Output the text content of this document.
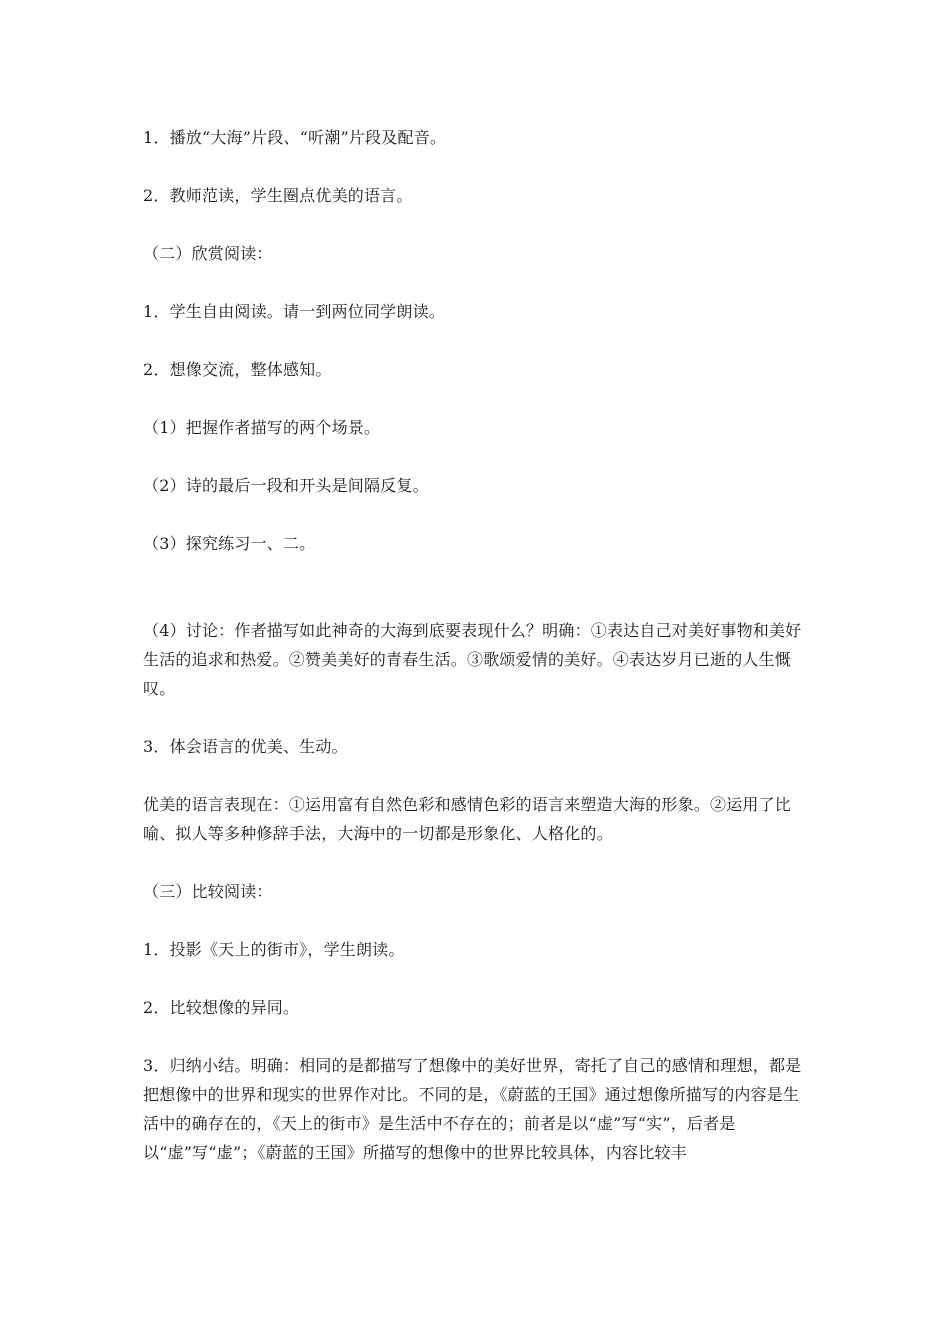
1．播放“大海”片段、“听潮”片段及配音。
2．教师范读，学生圈点优美的语言。
（二）欣赏阅读：
1．学生自由阅读。请一到两位同学朗读。
2．想像交流，整体感知。
（1）把握作者描写的两个场景。
（2）诗的最后一段和开头是间隔反复。
（3）探究练习一、二。
（4）讨论：作者描写如此神奇的大海到底要表现什么？明确：①表达自己对美好事物和美好生活的追求和热爱。②赞美美好的青春生活。③歌颂爱情的美好。④表达岁月已逝的人生慨叹。
3．体会语言的优美、生动。
优美的语言表现在：①运用富有自然色彩和感情色彩的语言来塑造大海的形象。②运用了比喻、拟人等多种修辞手法，大海中的一切都是形象化、人格化的。
（三）比较阅读：
1．投影《天上的街市》，学生朗读。
2．比较想像的异同。
3．归纳小结。明确：相同的是都描写了想像中的美好世界，寄托了自己的感情和理想，都是把想像中的世界和现实的世界作对比。不同的是，《蔚蓝的王国》通过想像所描写的内容是生活中的确存在的，《天上的街市》是生活中不存在的；前者是以“虚”写“实”，后者是以“虚”写“虚”；《蔚蓝的王国》所描写的想像中的世界比较具体，内容比较丰
